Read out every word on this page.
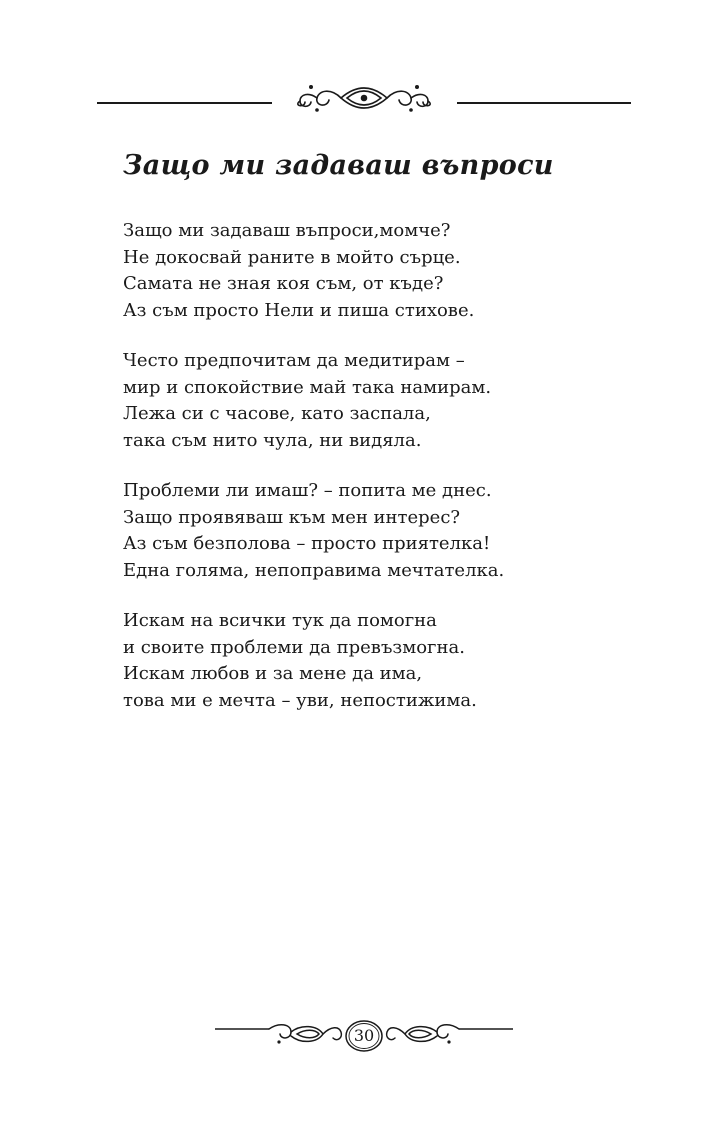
Защо ми задаваш въпроси

Защо ми задаваш въпроси,момче?
Не докосвай раните в мойто сърце.
Самата не зная коя съм, от къде?
Аз съм просто Нели и пиша стихове.

Често предпочитам да медитирам –
мир и спокойствие май така намирам.
Лежа си с часове, като заспала,
така съм нито чула, ни видяла.

Проблеми ли имаш? – попита ме днес.
Защо проявяваш към мен интерес?
Аз съм безполова – просто приятелка!
Една голяма, непоправима мечтателка.

Искам на всички тук да помогна
и своите проблеми да превъзмогна.
Искам любов и за мене да има,
това ми е мечта – уви, непостижима.

30
